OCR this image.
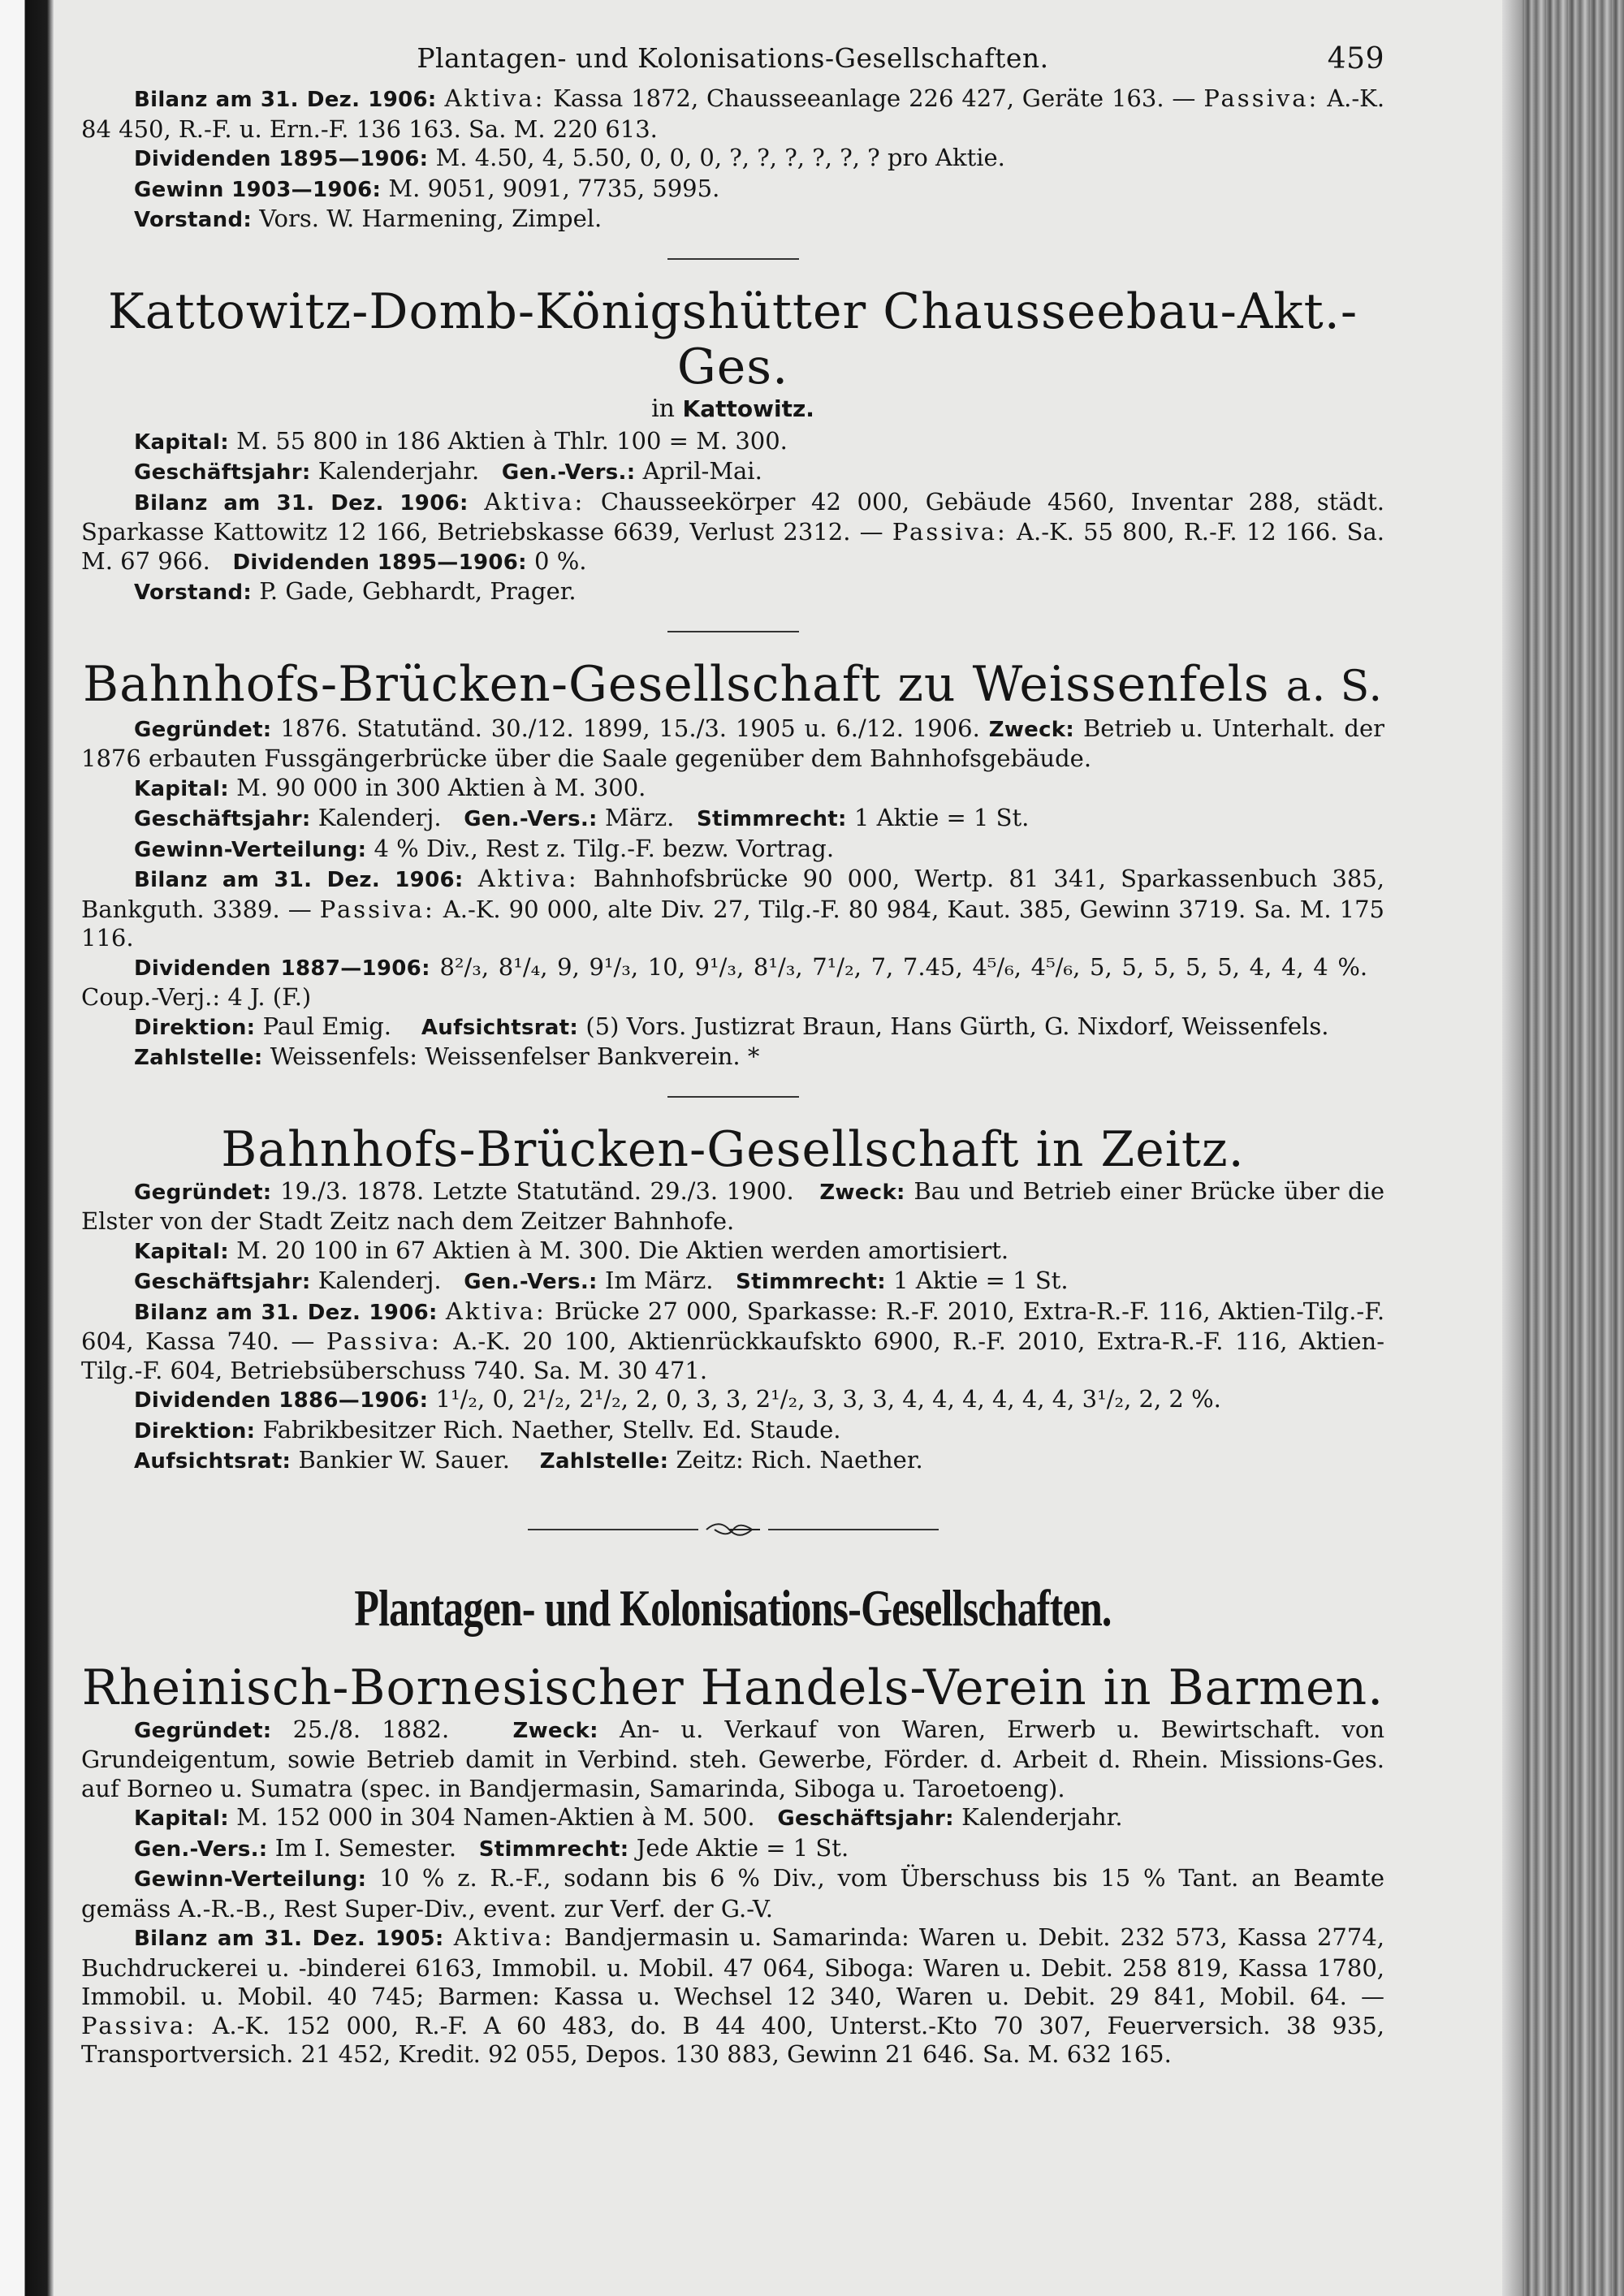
Plantagen- und Kolonisations-Gesellschaften.	459

Bilanz am 31. Dez. 1906: Aktiva: Kassa 1872, Chausseeanlage 226 427, Geräte 163. — Passiva: A.-K. 84 450, R.-F. u. Ern.-F. 136 163. Sa. M. 220 613.

Dividenden 1895—1906: M. 4.50, 4, 5.50, 0, 0, 0, ?, ?, ?, ?, ?, ? pro Aktie.
Gewinn 1903—1906: M. 9051, 9091, 7735, 5995.
Vorstand: Vors. W. Harmening, Zimpel.
Kattowitz-Domb-Königshütter Chausseebau-Akt.-Ges.
in Kattowitz.
Kapital: M. 55 800 in 186 Aktien à Thlr. 100 = M. 300.
Geschäftsjahr: Kalenderjahr. Gen.-Vers.: April-Mai.

Bilanz am 31. Dez. 1906: Aktiva: Chausseekörper 42 000, Gebäude 4560, Inventar 288, städt. Sparkasse Kattowitz 12 166, Betriebskasse 6639, Verlust 2312. — Passiva: A.-K. 55 800, R.-F. 12 166. Sa. M. 67 966. Dividenden 1895—1906: 0 %.

Vorstand: P. Gade, Gebhardt, Prager.
Bahnhofs-Brücken-Gesellschaft zu Weissenfels a. S.

Gegründet: 1876. Statutänd. 30./12. 1899, 15./3. 1905 u. 6./12. 1906. Zweck: Betrieb u. Unterhalt. der 1876 erbauten Fussgängerbrücke über die Saale gegenüber dem Bahnhofsgebäude.

Kapital: M. 90 000 in 300 Aktien à M. 300.
Geschäftsjahr: Kalenderj. Gen.-Vers.: März. Stimmrecht: 1 Aktie = 1 St.
Gewinn-Verteilung: 4 % Div., Rest z. Tilg.-F. bezw. Vortrag.

Bilanz am 31. Dez. 1906: Aktiva: Bahnhofsbrücke 90 000, Wertp. 81 341, Sparkassenbuch 385, Bankguth. 3389. — Passiva: A.-K. 90 000, alte Div. 27, Tilg.-F. 80 984, Kaut. 385, Gewinn 3719. Sa. M. 175 116.

Dividenden 1887—1906: 8²/₃, 8¹/₄, 9, 9¹/₃, 10, 9¹/₃, 8¹/₃, 7¹/₂, 7, 7.45, 4⁵/₆, 4⁵/₆, 5, 5, 5, 5, 5, 4, 4, 4 %.   Coup.-Verj.: 4 J. (F.)

Direktion: Paul Emig. Aufsichtsrat: (5) Vors. Justizrat Braun, Hans Gürth, G. Nixdorf, Weissenfels.

Zahlstelle: Weissenfels: Weissenfelser Bankverein. *
Bahnhofs-Brücken-Gesellschaft in Zeitz.

Gegründet: 19./3. 1878. Letzte Statutänd. 29./3. 1900. Zweck: Bau und Betrieb einer Brücke über die Elster von der Stadt Zeitz nach dem Zeitzer Bahnhofe.

Kapital: M. 20 100 in 67 Aktien à M. 300. Die Aktien werden amortisiert.
Geschäftsjahr: Kalenderj. Gen.-Vers.: Im März. Stimmrecht: 1 Aktie = 1 St.

Bilanz am 31. Dez. 1906: Aktiva: Brücke 27 000, Sparkasse: R.-F. 2010, Extra-R.-F. 116, Aktien-Tilg.-F. 604, Kassa 740. — Passiva: A.-K. 20 100, Aktienrückkaufskto 6900, R.-F. 2010, Extra-R.-F. 116, Aktien-Tilg.-F. 604, Betriebsüberschuss 740. Sa. M. 30 471.

Dividenden 1886—1906: 1¹/₂, 0, 2¹/₂, 2¹/₂, 2, 0, 3, 3, 2¹/₂, 3, 3, 3, 4, 4, 4, 4, 4, 4, 3¹/₂, 2, 2 %.
Direktion: Fabrikbesitzer Rich. Naether, Stellv. Ed. Staude.
Aufsichtsrat: Bankier W. Sauer. Zahlstelle: Zeitz: Rich. Naether.
Plantagen- und Kolonisations-Gesellschaften.
Rheinisch-Bornesischer Handels-Verein in Barmen.

Gegründet: 25./8. 1882.	Zweck: An- u. Verkauf von Waren, Erwerb u. Bewirtschaft. von Grundeigentum, sowie Betrieb damit in Verbind. steh. Gewerbe, Förder. d. Arbeit d. Rhein. Missions-Ges. auf Borneo u. Sumatra (spec. in Bandjermasin, Samarinda, Siboga u. Taroetoeng).

Kapital: M. 152 000 in 304 Namen-Aktien à M. 500. Geschäftsjahr: Kalenderjahr.

Gen.-Vers.: Im I. Semester. Stimmrecht: Jede Aktie = 1 St.

Gewinn-Verteilung: 10 % z. R.-F., sodann bis 6 % Div., vom Überschuss bis 15 % Tant. an Beamte gemäss A.-R.-B., Rest Super-Div., event. zur Verf. der G.-V.

Bilanz am 31. Dez. 1905: Aktiva: Bandjermasin u. Samarinda: Waren u. Debit. 232 573, Kassa 2774, Buchdruckerei u. -binderei 6163, Immobil. u. Mobil. 47 064, Siboga: Waren u. Debit. 258 819, Kassa 1780, Immobil. u. Mobil. 40 745; Barmen: Kassa u. Wechsel 12 340, Waren u. Debit. 29 841, Mobil. 64. — Passiva: A.-K. 152 000, R.-F. A 60 483, do. B 44 400, Unterst.-Kto 70 307, Feuerversich. 38 935, Transportversich. 21 452, Kredit. 92 055, Depos. 130 883, Gewinn 21 646. Sa. M. 632 165.
